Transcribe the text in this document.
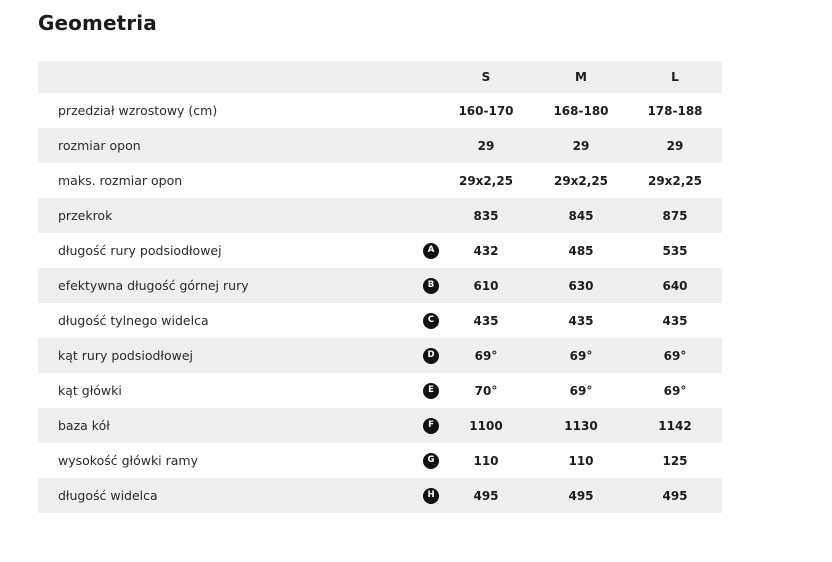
Geometria
S	M	L
przedział wzrostowy (cm)	160-170	168-180	178-188
rozmiar opon	29	29	29
maks. rozmiar opon	29x2,25	29x2,25	29x2,25
przekrok	835	845	875
długość rury podsiodłowej	A	432	485	535
efektywna długość górnej rury	B	610	630	640
długość tylnego widelca	C	435	435	435
kąt rury podsiodłowej	D	69°	69°	69°
kąt główki	E	70°	69°	69°
baza kół	F	1100	1130	1142
wysokość główki ramy	G	110	110	125
długość widelca	H	495	495	495
